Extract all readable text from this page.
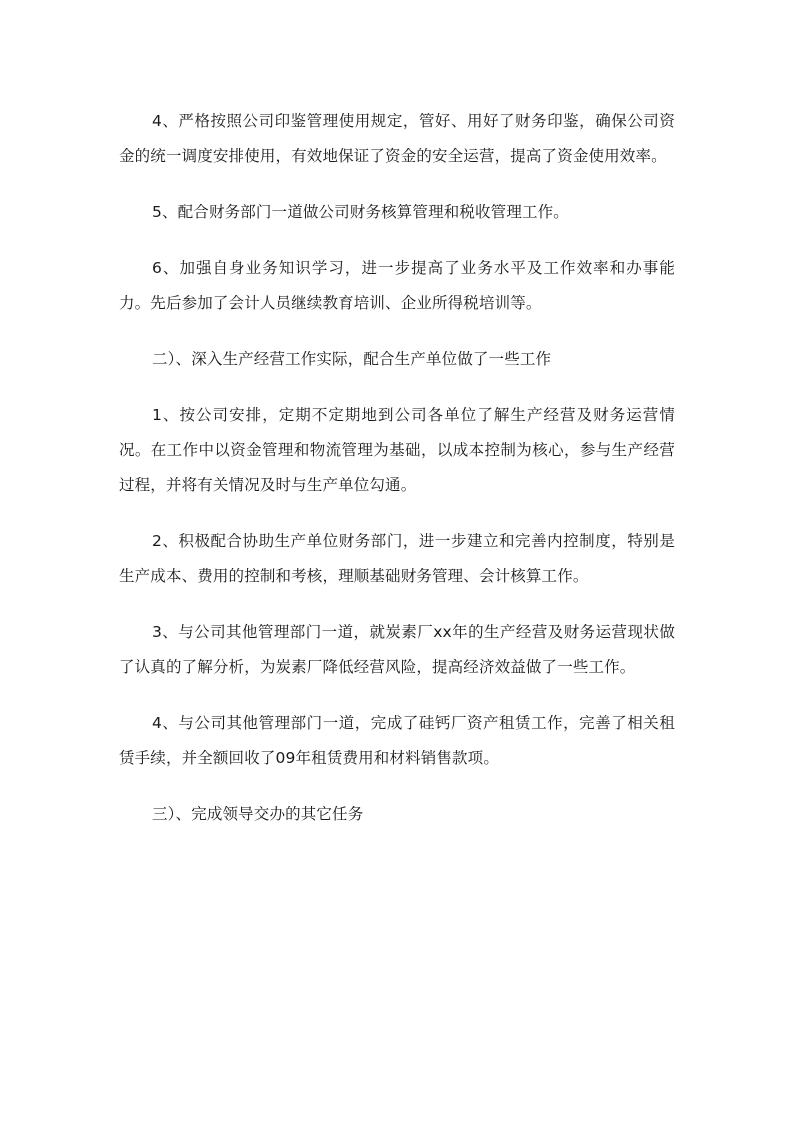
4、严格按照公司印鉴管理使用规定，管好、用好了财务印鉴，确保公司资金的统一调度安排使用，有效地保证了资金的安全运营，提高了资金使用效率。

5、配合财务部门一道做公司财务核算管理和税收管理工作。

6、加强自身业务知识学习，进一步提高了业务水平及工作效率和办事能力。先后参加了会计人员继续教育培训、企业所得税培训等。

二）、深入生产经营工作实际，配合生产单位做了一些工作

1、按公司安排，定期不定期地到公司各单位了解生产经营及财务运营情况。在工作中以资金管理和物流管理为基础，以成本控制为核心，参与生产经营过程，并将有关情况及时与生产单位勾通。

2、积极配合协助生产单位财务部门，进一步建立和完善内控制度，特别是生产成本、费用的控制和考核，理顺基础财务管理、会计核算工作。

3、与公司其他管理部门一道，就炭素厂xx年的生产经营及财务运营现状做了认真的了解分析，为炭素厂降低经营风险，提高经济效益做了一些工作。

4、与公司其他管理部门一道，完成了硅钙厂资产租赁工作，完善了相关租赁手续，并全额回收了09年租赁费用和材料销售款项。

三）、完成领导交办的其它任务
